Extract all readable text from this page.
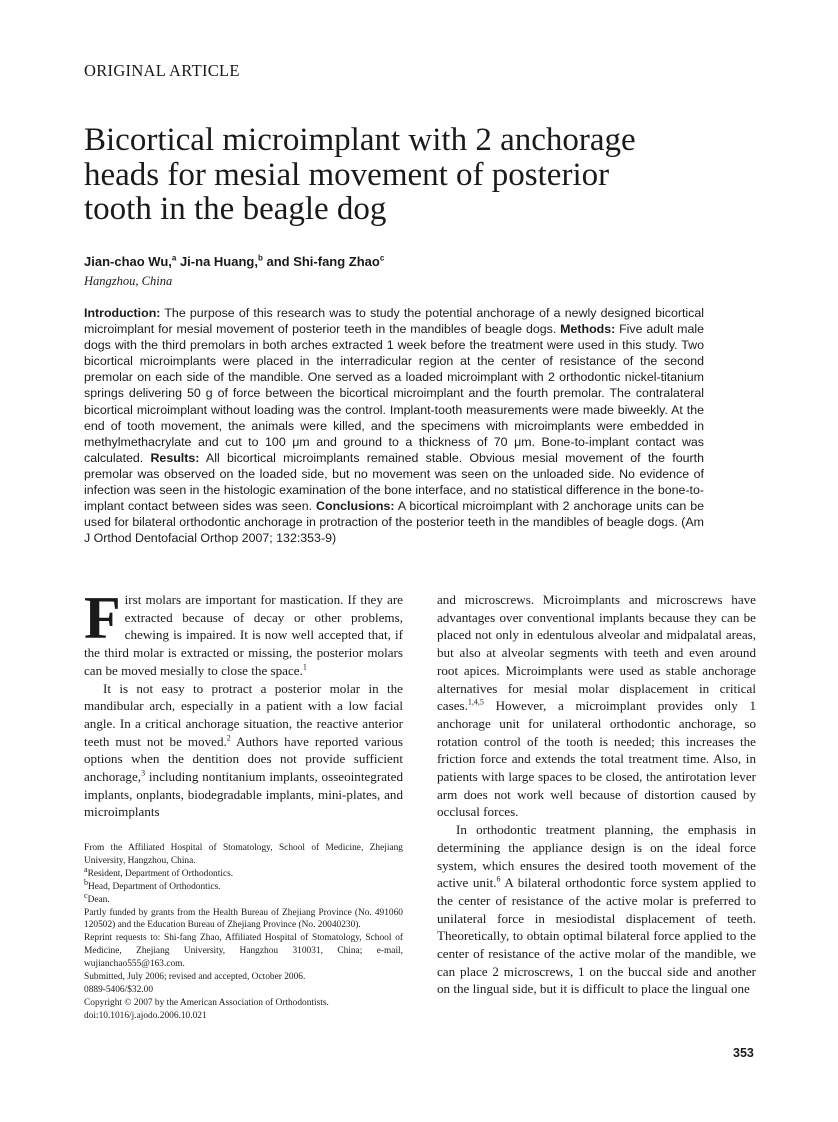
ORIGINAL ARTICLE
Bicortical microimplant with 2 anchorage
heads for mesial movement of posterior
tooth in the beagle dog
Jian-chao Wu,$^a$ Ji-na Huang,$^b$ and Shi-fang Zhao$^c$
Hangzhou, China

Introduction: The purpose of this research was to study the potential anchorage of a newly designed bicortical microimplant for mesial movement of posterior teeth in the mandibles of beagle dogs. Methods: Five adult male dogs with the third premolars in both arches extracted 1 week before the treatment were used in this study. Two bicortical microimplants were placed in the interradicular region at the center of resistance of the second premolar on each side of the mandible. One served as a loaded microimplant with 2 orthodontic nickel-titanium springs delivering 50 g of force between the bicortical microimplant and the fourth premolar. The contralateral bicortical microimplant without loading was the control. Implant-tooth measurements were made biweekly. At the end of tooth movement, the animals were killed, and the specimens with microimplants were embedded in methylmethacrylate and cut to 100 μm and ground to a thickness of 70 μm. Bone-to-implant contact was calculated. Results: All bicortical microimplants remained stable. Obvious mesial movement of the fourth premolar was observed on the loaded side, but no movement was seen on the unloaded side. No evidence of infection was seen in the histologic examination of the bone interface, and no statistical difference in the bone-to-implant contact between sides was seen. Conclusions: A bicortical microimplant with 2 anchorage units can be used for bilateral orthodontic anchorage in protraction of the posterior teeth in the mandibles of beagle dogs. (Am J Orthod Dentofacial Orthop 2007; 132:353-9)

First molars are important for mastication. If they are extracted because of decay or other problems, chewing is impaired. It is now well accepted that, if the third molar is extracted or missing, the posterior molars can be moved mesially to close the space.$^1$

It is not easy to protract a posterior molar in the mandibular arch, especially in a patient with a low facial angle. In a critical anchorage situation, the reactive anterior teeth must not be moved.$^2$ Authors have reported various options when the dentition does not provide sufficient anchorage,$^3$ including nontitanium implants, osseointegrated implants, onplants, biodegradable implants, mini-plates, and microimplants

and microscrews. Microimplants and microscrews have advantages over conventional implants because they can be placed not only in edentulous alveolar and midpalatal areas, but also at alveolar segments with teeth and even around root apices. Microimplants were used as stable anchorage alternatives for mesial molar displacement in critical cases.$^{1,4,5}$ However, a microimplant provides only 1 anchorage unit for unilateral orthodontic anchorage, so rotation control of the tooth is needed; this increases the friction force and extends the total treatment time. Also, in patients with large spaces to be closed, the antirotation lever arm does not work well because of distortion caused by occlusal forces.

In orthodontic treatment planning, the emphasis in determining the appliance design is on the ideal force system, which ensures the desired tooth movement of the active unit.$^6$ A bilateral orthodontic force system applied to the center of resistance of the active molar is preferred to unilateral force in mesiodistal displacement of teeth. Theoretically, to obtain optimal bilateral force applied to the center of resistance of the active molar of the mandible, we can place 2 microscrews, 1 on the buccal side and another on the lingual side, but it is difficult to place the lingual one

From the Affiliated Hospital of Stomatology, School of Medicine, Zhejiang University, Hangzhou, China.
$^a$Resident, Department of Orthodontics.
$^b$Head, Department of Orthodontics.
$^c$Dean.
Partly funded by grants from the Health Bureau of Zhejiang Province (No. 491060 120502) and the Education Bureau of Zhejiang Province (No. 20040230).
Reprint requests to: Shi-fang Zhao, Affiliated Hospital of Stomatology, School of Medicine, Zhejiang University, Hangzhou 310031, China; e-mail, wujianchao555@163.com.
Submitted, July 2006; revised and accepted, October 2006.
0889-5406/$32.00
Copyright © 2007 by the American Association of Orthodontists.
doi:10.1016/j.ajodo.2006.10.021
353
